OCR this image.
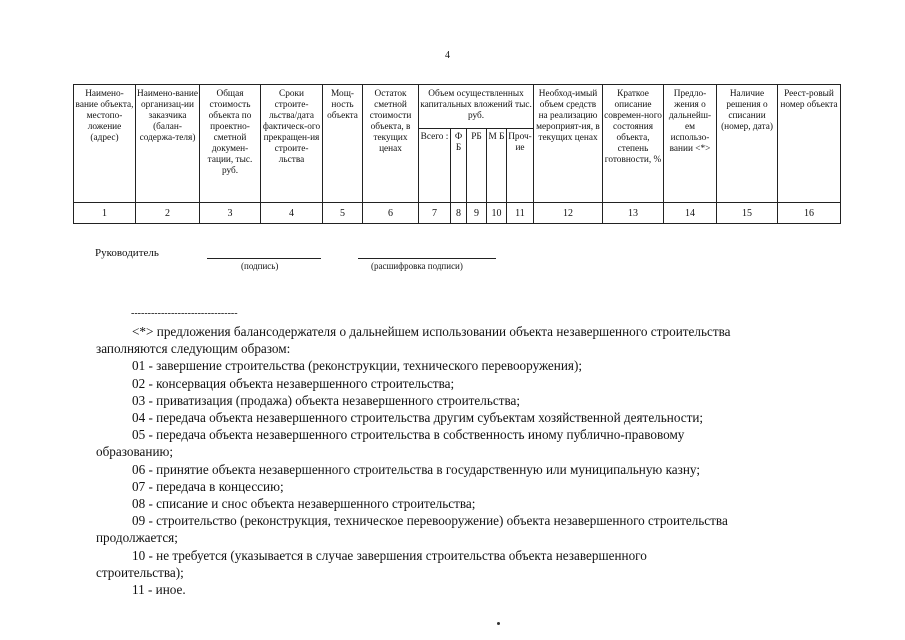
4
Наимено-вание объекта, местопо-ложение (адрес)	Наимено-вание организац-ии заказчика (балан-содержа-теля)	Общая стоимость объекта по проектно-сметной докумен-тации, тыс. руб.	Сроки строите-льства/дата фактическ-ого прекращен-ия строите-льства	Мощ-ность объекта	Остаток сметной стоимости объекта, в текущих ценах	Объем осуществленных капитальных вложений тыс. руб.					Необход-имый объем средств на реализацию мероприят-ия, в текущих ценах	Краткое описание современ-ного состояния объекта, степень готовности, %	Предло-жения о дальнейш-ем использо-вании <*>	Наличие решения о списании (номер, дата)	Реест-ровый номер объекта
						Всего :	Ф Б	РБ	М Б	Проч-ие					
1	2	3	4	5	6	7	8	9	10	11	12	13	14	15	16
Руководитель
(подпись)	(расшифровка подписи)
--------------------------------

<*> предложения балансодержателя о дальнейшем использовании объекта незавершенного строительства

заполняются следующим образом:

01 - завершение строительства (реконструкции, технического перевооружения);

02 - консервация объекта незавершенного строительства;

03 - приватизация (продажа) объекта незавершенного строительства;

04 - передача объекта незавершенного строительства другим субъектам хозяйственной деятельности;

05 - передача объекта незавершенного строительства в собственность иному публично-правовому

образованию;

06 - принятие объекта незавершенного строительства в государственную или муниципальную казну;

07 - передача в концессию;

08 - списание и снос объекта незавершенного строительства;

09 - строительство (реконструкция, техническое перевооружение) объекта незавершенного строительства

продолжается;

10 - не требуется (указывается в случае завершения строительства объекта незавершенного

строительства);

11 - иное.
